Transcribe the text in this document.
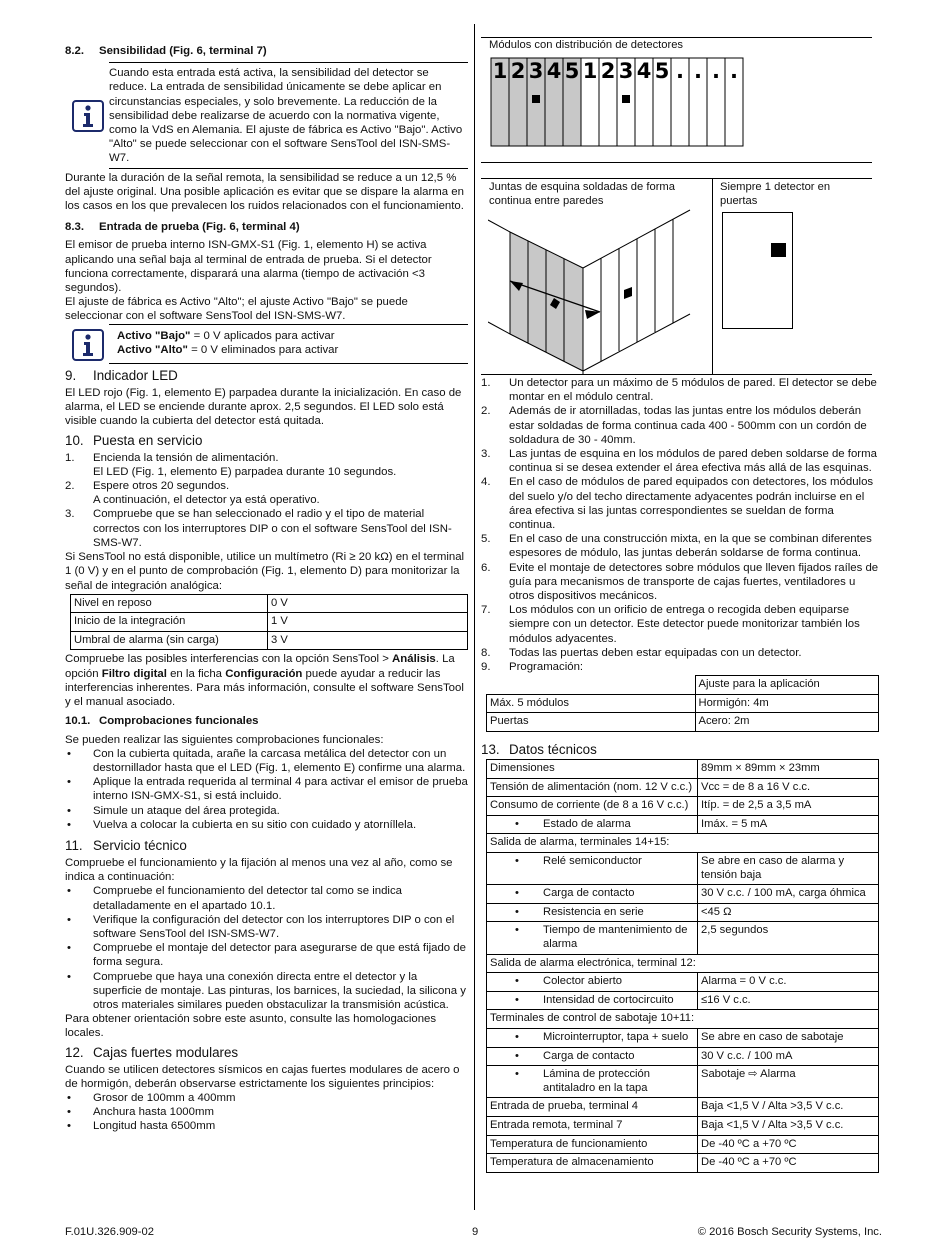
8.2. Sensibilidad (Fig. 6, terminal 7)

Cuando esta entrada está activa, la sensibilidad del detector se reduce. La entrada de sensibilidad únicamente se debe aplicar en circunstancias especiales, y solo brevemente. La reducción de la sensibilidad debe realizarse de acuerdo con la normativa vigente, como la VdS en Alemania. El ajuste de fábrica es Activo "Bajo". Activo "Alto" se puede seleccionar con el software SensTool del ISN-SMS-W7.

Durante la duración de la señal remota, la sensibilidad se reduce a un 12,5 % del ajuste original. Una posible aplicación es evitar que se dispare la alarma en los casos en los que prevalecen los ruidos relacionados con el funcionamiento.

8.3. Entrada de prueba (Fig. 6, terminal 4)

El emisor de prueba interno ISN-GMX-S1 (Fig. 1, elemento H) se activa aplicando una señal baja al terminal de entrada de prueba. Si el detector funciona correctamente, disparará una alarma (tiempo de activación <3 segundos).

El ajuste de fábrica es Activo "Alto"; el ajuste Activo "Bajo" se puede seleccionar con el software SensTool del ISN-SMS-W7.

Activo "Bajo" = 0 V aplicados para activar

Activo "Alto" = 0 V eliminados para activar

9. Indicador LED

El LED rojo (Fig. 1, elemento E) parpadea durante la inicialización. En caso de alarma, el LED se enciende durante aprox. 2,5 segundos. El LED solo está visible cuando la cubierta del detector está quitada.

10. Puesta en servicio
1. Encienda la tensión de alimentación.
El LED (Fig. 1, elemento E) parpadea durante 10 segundos.
2. Espere otros 20 segundos.
A continuación, el detector ya está operativo.
3. Compruebe que se han seleccionado el radio y el tipo de material correctos con los interruptores DIP o con el software SensTool del ISN-SMS-W7.

Si SensTool no está disponible, utilice un multímetro (Ri ≥ 20 kΩ) en el terminal 1 (0 V) y en el punto de comprobación (Fig. 1, elemento D) para monitorizar la señal de integración analógica:

Nivel en reposo	0 V
Inicio de la integración	1 V
Umbral de alarma (sin carga)	3 V

Compruebe las posibles interferencias con la opción SensTool > Análisis. La opción Filtro digital en la ficha Configuración puede ayudar a reducir las interferencias inherentes. Para más información, consulte el software SensTool y el manual asociado.

10.1. Comprobaciones funcionales

Se pueden realizar las siguientes comprobaciones funcionales:

• Con la cubierta quitada, arañe la carcasa metálica del detector con un destornillador hasta que el LED (Fig. 1, elemento E) confirme una alarma.
• Aplique la entrada requerida al terminal 4 para activar el emisor de prueba interno ISN-GMX-S1, si está incluido.
• Simule un ataque del área protegida.
• Vuelva a colocar la cubierta en su sitio con cuidado y atorníllela.
11. Servicio técnico

Compruebe el funcionamiento y la fijación al menos una vez al año, como se indica a continuación:

• Compruebe el funcionamiento del detector tal como se indica detalladamente en el apartado 10.1.
• Verifique la configuración del detector con los interruptores DIP o con el software SensTool del ISN-SMS-W7.
• Compruebe el montaje del detector para asegurarse de que está fijado de forma segura.
• Compruebe que haya una conexión directa entre el detector y la superficie de montaje. Las pinturas, los barnices, la suciedad, la silicona y otros materiales similares pueden obstaculizar la transmisión acústica.

Para obtener orientación sobre este asunto, consulte las homologaciones locales.

12. Cajas fuertes modulares

Cuando se utilicen detectores sísmicos en cajas fuertes modulares de acero o de hormigón, deberán observarse estrictamente los siguientes principios:

• Grosor de 100mm a 400mm
• Anchura hasta 1000mm
• Longitud hasta 6500mm
Módulos con distribución de detectores
1 2 3 4 5 1 2 3 4 5 . . . .
Juntas de esquina soldadas de forma continua entre paredes
Siempre 1 detector en puertas
1. Un detector para un máximo de 5 módulos de pared. El detector se debe montar en el módulo central.
2. Además de ir atornilladas, todas las juntas entre los módulos deberán estar soldadas de forma continua cada 400 - 500mm con un cordón de soldadura de 30 - 40mm.
3. Las juntas de esquina en los módulos de pared deben soldarse de forma continua si se desea extender el área efectiva más allá de las esquinas.
4. En el caso de módulos de pared equipados con detectores, los módulos del suelo y/o del techo directamente adyacentes podrán incluirse en el área efectiva si las juntas correspondientes se sueldan de forma continua.
5. En el caso de una construcción mixta, en la que se combinan diferentes espesores de módulo, las juntas deberán soldarse de forma continua.
6. Evite el montaje de detectores sobre módulos que lleven fijados raíles de guía para mecanismos de transporte de cajas fuertes, ventiladores u otros dispositivos mecánicos.
7. Los módulos con un orificio de entrega o recogida deben equiparse siempre con un detector. Este detector puede monitorizar también los módulos adyacentes.
8. Todas las puertas deben estar equipadas con un detector.
9. Programación:
	Ajuste para la aplicación
Máx. 5 módulos	Hormigón: 4m
Puertas	Acero: 2m
13. Datos técnicos
Dimensiones	89mm × 89mm × 23mm
Tensión de alimentación (nom. 12 V c.c.)	Vcc = de 8 a 16 V c.c.
Consumo de corriente (de 8 a 16 V c.c.)	Itíp. = de 2,5 a 3,5 mA

• Estado de alarma	Imáx. = 5 mA
Salida de alarma, terminales 14+15:	

• Relé semiconductor	Se abre en caso de alarma y tensión baja

• Carga de contacto	30 V c.c. / 100 mA, carga óhmica

• Resistencia en serie	<45 Ω

• Tiempo de mantenimiento de alarma	2,5 segundos
Salida de alarma electrónica, terminal 12:	

• Colector abierto	Alarma = 0 V c.c.

• Intensidad de cortocircuito	≤16 V c.c.
Terminales de control de sabotaje 10+11:	

• Microinterruptor, tapa + suelo	Se abre en caso de sabotaje

• Carga de contacto	30 V c.c. / 100 mA

• Lámina de protección antitaladro en la tapa	Sabotaje ⇨ Alarma
Entrada de prueba, terminal 4	Baja <1,5 V / Alta >3,5 V c.c.
Entrada remota, terminal 7	Baja <1,5 V / Alta >3,5 V c.c.
Temperatura de funcionamiento	De -40 ºC a +70 ºC
Temperatura de almacenamiento	De -40 ºC a +70 ºC
F.01U.326.909-02	9	© 2016 Bosch Security Systems, Inc.
